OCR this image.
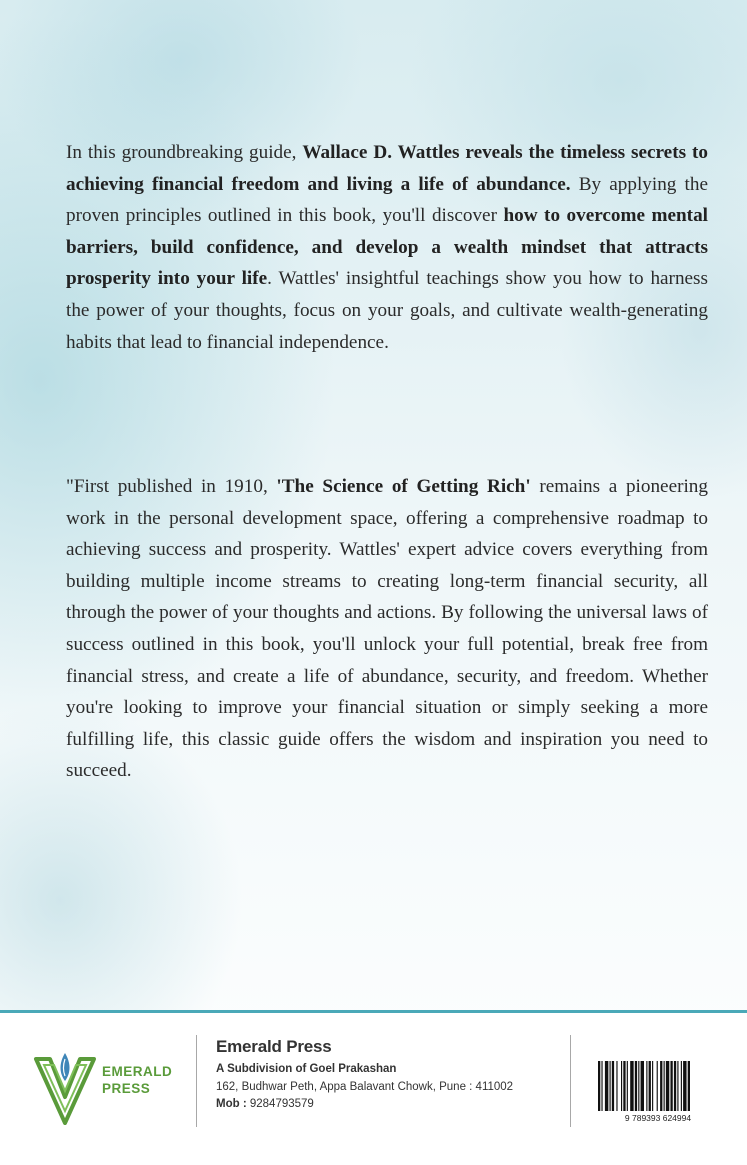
In this groundbreaking guide, Wallace D. Wattles reveals the timeless secrets to achieving financial freedom and living a life of abundance. By applying the proven principles outlined in this book, you'll discover how to overcome mental barriers, build confidence, and develop a wealth mindset that attracts prosperity into your life. Wattles' insightful teachings show you how to harness the power of your thoughts, focus on your goals, and cultivate wealth-generating habits that lead to financial independence.

"First published in 1910, 'The Science of Getting Rich' remains a pioneering work in the personal development space, offering a comprehensive roadmap to achieving success and prosperity. Wattles' expert advice covers everything from building multiple income streams to creating long-term financial security, all through the power of your thoughts and actions. By following the universal laws of success outlined in this book, you'll unlock your full potential, break free from financial stress, and create a life of abundance, security, and freedom. Whether you're looking to improve your financial situation or simply seeking a more fulfilling life, this classic guide offers the wisdom and inspiration you need to succeed.

EMERALD
PRESS
Emerald Press
A Subdivision of Goel Prakashan
162, Budhwar Peth, Appa Balavant Chowk, Pune : 411002
Mob : 9284793579
9 789393 624994
